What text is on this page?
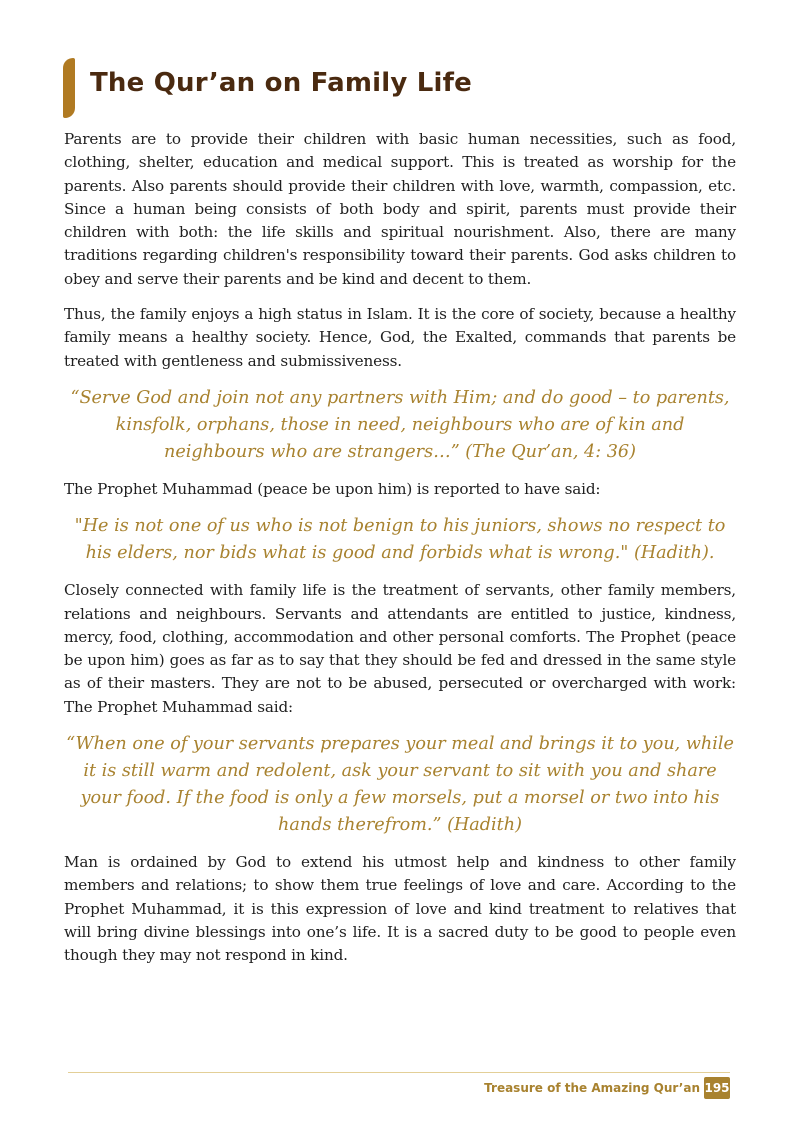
The Qur’an on Family Life

Parents are to provide their children with basic human necessities, such as food, clothing, shelter, education and medical support. This is treated as worship for the parents. Also parents should provide their children with love, warmth, compassion, etc. Since a human being consists of both body and spirit, parents must provide their children with both: the life skills and spiritual nourishment. Also, there are many traditions regarding children's responsibility toward their parents. God asks children to obey and serve their parents and be kind and decent to them.

Thus, the family enjoys a high status in Islam. It is the core of society, because a healthy family means a healthy society. Hence, God, the Exalted, commands that parents be treated with gentleness and submissiveness.

“Serve God and join not any partners with Him; and do good – to parents, kinsfolk, orphans, those in need, neighbours who are of kin and neighbours who are strangers…” (The Qur’an, 4: 36)

The Prophet Muhammad (peace be upon him) is reported to have said:

"He is not one of us who is not benign to his juniors, shows no respect to his elders, nor bids what is good and forbids what is wrong." (Hadith).

Closely connected with family life is the treatment of servants, other family members, relations and neighbours. Servants and attendants are entitled to justice, kindness, mercy, food, clothing, accommodation and other personal comforts. The Prophet (peace be upon him) goes as far as to say that they should be fed and dressed in the same style as of their masters. They are not to be abused, persecuted or overcharged with work: The Prophet Muhammad said:

“When one of your servants prepares your meal and brings it to you, while it is still warm and redolent, ask your servant to sit with you and share your food. If the food is only a few morsels, put a morsel or two into his hands therefrom.” (Hadith)

Man is ordained by God to extend his utmost help and kindness to other family members and relations; to show them true feelings of love and care. According to the Prophet Muhammad, it is this expression of love and kind treatment to relatives that will bring divine blessings into one’s life. It is a sacred duty to be good to people even though they may not respond in kind.

Treasure of the Amazing Qur’an 195
